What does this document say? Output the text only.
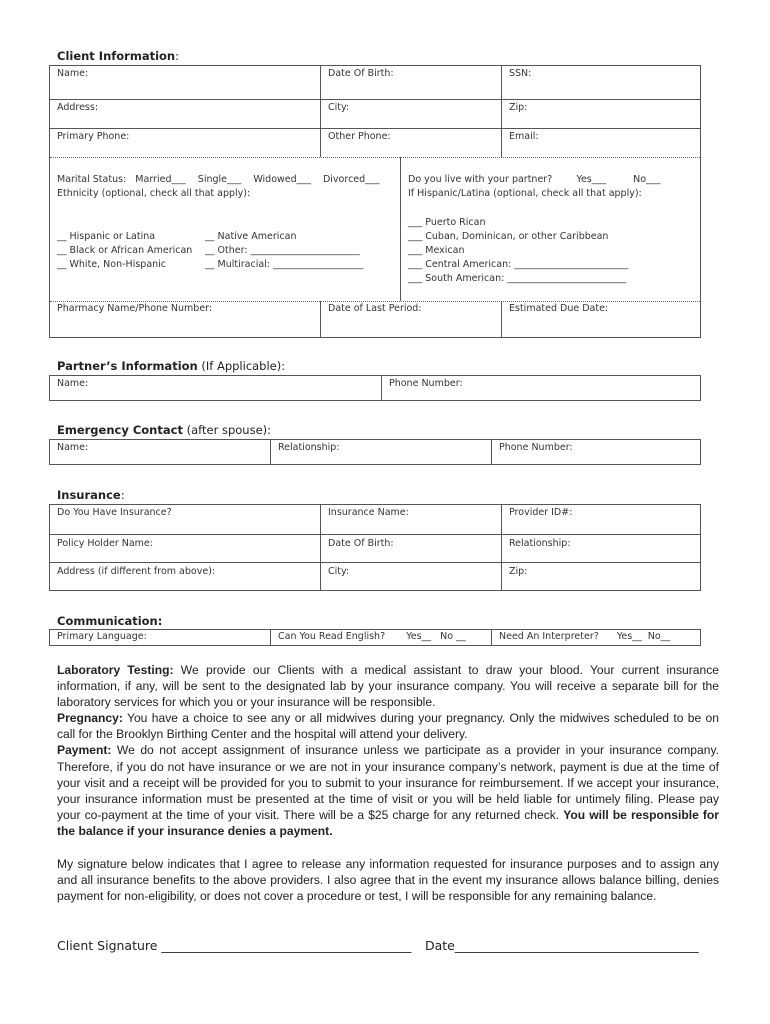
Client Information:
Name:	Date Of Birth:	SSN:
Address:	City:	Zip:
Primary Phone:	Other Phone:	Email:
Marital Status:   Married___    Single___    Widowed___    Divorced___
Ethnicity (optional, check all that apply):
__ Hispanic or Latina
__ Black or African American
__ White, Non-Hispanic
__ Native American
__ Other: _______________________
__ Multiracial: ___________________
Do you live with your partner?        Yes___         No___
If Hispanic/Latina (optional, check all that apply):
___ Puerto Rican
___ Cuban, Dominican, or other Caribbean
___ Mexican
___ Central American: ________________________
___ South American: _________________________
Pharmacy Name/Phone Number:	Date of Last Period:	Estimated Due Date:
Partner’s Information (If Applicable):
Name:	Phone Number:
Emergency Contact (after spouse):
Name:	Relationship:	Phone Number:
Insurance:
Do You Have Insurance?	Insurance Name:	Provider ID#:
Policy Holder Name:	Date Of Birth:	Relationship:
Address (if different from above):	City:	Zip:
Communication:
Primary Language:	Can You Read English?       Yes__   No __	Need An Interpreter?      Yes__  No__
Laboratory Testing: We provide our Clients with a medical assistant to draw your blood. Your current insurance information, if any, will be sent to the designated lab by your insurance company. You will receive a separate bill for the laboratory services for which you or your insurance will be responsible.
Pregnancy: You have a choice to see any or all midwives during your pregnancy. Only the midwives scheduled to be on call for the Brooklyn Birthing Center and the hospital will attend your delivery.
Payment: We do not accept assignment of insurance unless we participate as a provider in your insurance company. Therefore, if you do not have insurance or we are not in your insurance company’s network, payment is due at the time of your visit and a receipt will be provided for you to submit to your insurance for reimbursement. If we accept your insurance, your insurance information must be presented at the time of visit or you will be held liable for untimely filing. Please pay your co-payment at the time of your visit. There will be a $25 charge for any returned check. You will be responsible for the balance if your insurance denies a payment.
My signature below indicates that I agree to release any information requested for insurance purposes and to assign any and all insurance benefits to the above providers. I also agree that in the event my insurance allows balance billing, denies payment for non-eligibility, or does not cover a procedure or test, I will be responsible for any remaining balance.
Client Signature ________________________________________ Date_______________________________________
